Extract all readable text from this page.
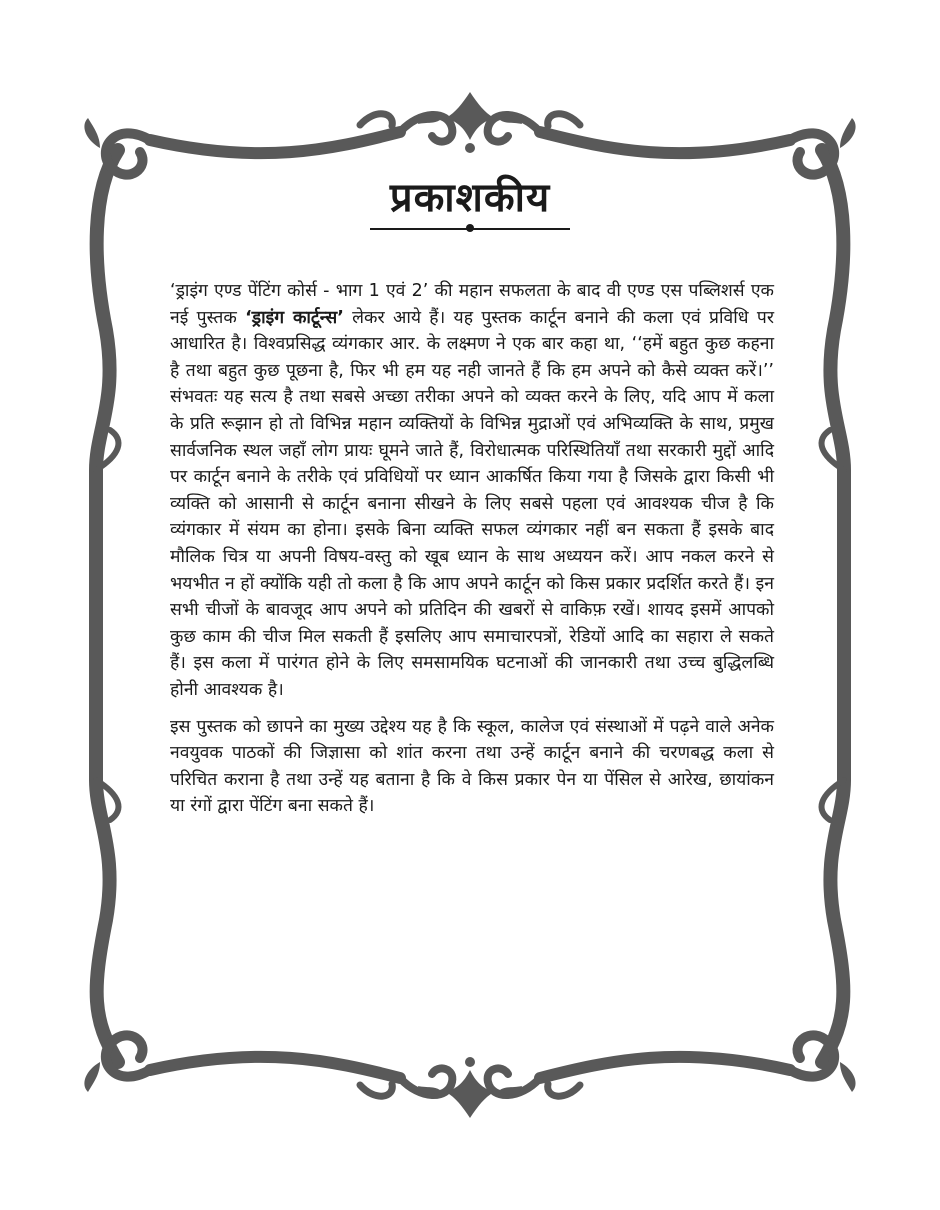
प्रकाशकीय

‘ड्राइंग एण्ड पेंटिंग कोर्स - भाग 1 एवं 2’ की महान सफलता के बाद वी एण्ड एस पब्लिशर्स एक नई पुस्तक ‘ड्राइंग कार्टून्स’ लेकर आये हैं। यह पुस्तक कार्टून बनाने की कला एवं प्रविधि पर आधारित है। विश्वप्रसिद्ध व्यंगकार आर. के लक्ष्मण ने एक बार कहा था, ‘‘हमें बहुत कुछ कहना है तथा बहुत कुछ पूछना है, फिर भी हम यह नही जानते हैं कि हम अपने को कैसे व्यक्त करें।’’ संभवतः यह सत्य है तथा सबसे अच्छा तरीका अपने को व्यक्त करने के लिए, यदि आप में कला के प्रति रूझान हो तो विभिन्न महान व्यक्तियों के विभिन्न मुद्राओं एवं अभिव्यक्ति के साथ, प्रमुख सार्वजनिक स्थल जहाँ लोग प्रायः घूमने जाते हैं, विरोधात्मक परिस्थितियाँ तथा सरकारी मुद्दों आदि पर कार्टून बनाने के तरीके एवं प्रविधियों पर ध्यान आकर्षित किया गया है जिसके द्वारा किसी भी व्यक्ति को आसानी से कार्टून बनाना सीखने के लिए सबसे पहला एवं आवश्यक चीज है कि व्यंगकार में संयम का होना। इसके बिना व्यक्ति सफल व्यंगकार नहीं बन सकता हैं इसके बाद मौलिक चित्र या अपनी विषय-वस्तु को खूब ध्यान के साथ अध्ययन करें। आप नकल करने से भयभीत न हों क्योंकि यही तो कला है कि आप अपने कार्टून को किस प्रकार प्रदर्शित करते हैं। इन सभी चीजों के बावजूद आप अपने को प्रतिदिन की खबरों से वाकिफ़ रखें। शायद इसमें आपको कुछ काम की चीज मिल सकती हैं इसलिए आप समाचारपत्रों, रेडियों आदि का सहारा ले सकते हैं। इस कला में पारंगत होने के लिए समसामयिक घटनाओं की जानकारी तथा उच्च बुद्धिलब्धि होनी आवश्यक है।

इस पुस्तक को छापने का मुख्य उद्देश्य यह है कि स्कूल, कालेज एवं संस्थाओं में पढ़ने वाले अनेक नवयुवक पाठकों की जिज्ञासा को शांत करना तथा उन्हें कार्टून बनाने की चरणबद्ध कला से परिचित कराना है तथा उन्हें यह बताना है कि वे किस प्रकार पेन या पेंसिल से आरेख, छायांकन या रंगों द्वारा पेंटिंग बना सकते हैं।
